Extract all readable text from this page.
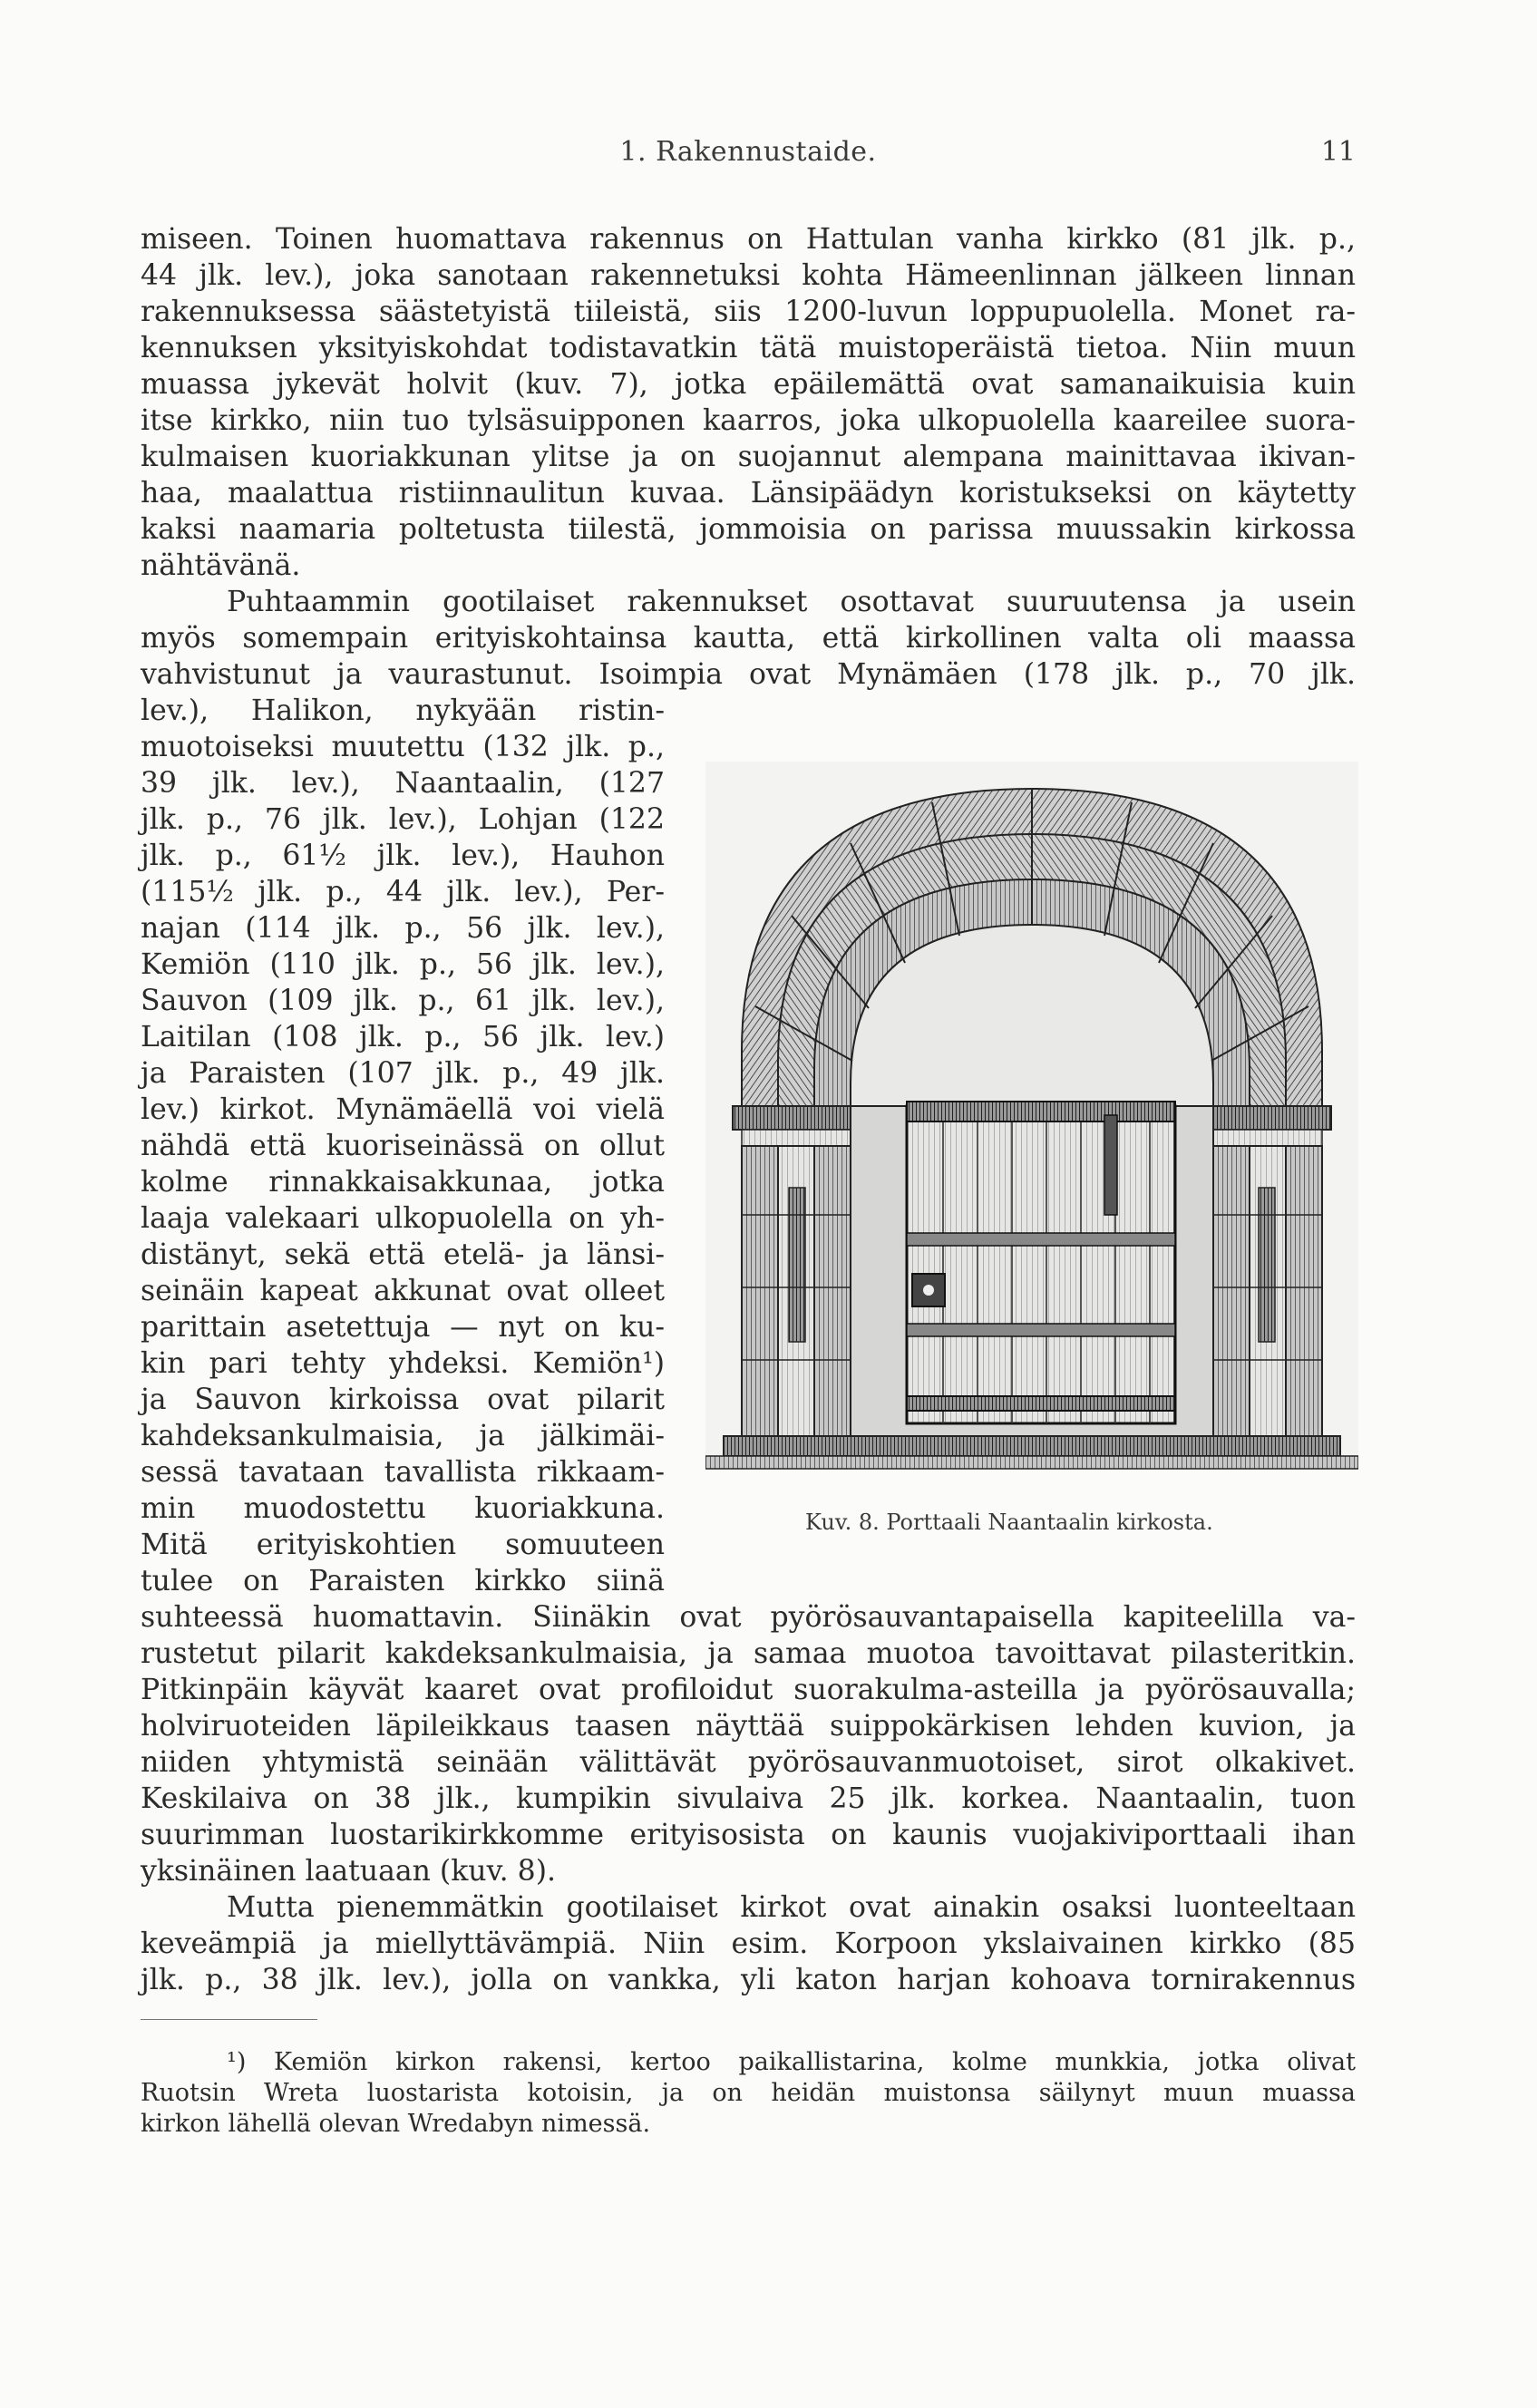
1. Rakennustaide.	11
miseen. Toinen huomattava rakennus on Hattulan vanha kirkko (81 jlk. p.,
44 jlk. lev.), joka sanotaan rakennetuksi kohta Hämeenlinnan jälkeen linnan
rakennuksessa säästetyistä tiileistä, siis 1200-luvun loppupuolella. Monet ra-
kennuksen yksityiskohdat todistavatkin tätä muistoperäistä tietoa. Niin muun
muassa jykevät holvit (kuv. 7), jotka epäilemättä ovat samanaikuisia kuin
itse kirkko, niin tuo tylsäsuipponen kaarros, joka ulkopuolella kaareilee suora-
kulmaisen kuoriakkunan ylitse ja on suojannut alempana mainittavaa ikivan-
haa, maalattua ristiinnaulitun kuvaa. Länsipäädyn koristukseksi on käytetty
kaksi naamaria poltetusta tiilestä, jommoisia on parissa muussakin kirkossa
nähtävänä.
Puhtaammin gootilaiset rakennukset osottavat suuruutensa ja usein
myös somempain erityiskohtainsa kautta, että kirkollinen valta oli maassa
vahvistunut ja vaurastunut. Isoimpia ovat Mynämäen (178 jlk. p., 70 jlk.
lev.), Halikon, nykyään ristin-
muotoiseksi muutettu (132 jlk. p.,
39 jlk. lev.), Naantaalin, (127
jlk. p., 76 jlk. lev.), Lohjan (122
jlk. p., 61½ jlk. lev.), Hauhon
(115½ jlk. p., 44 jlk. lev.), Per-
najan (114 jlk. p., 56 jlk. lev.),
Kemiön (110 jlk. p., 56 jlk. lev.),
Sauvon (109 jlk. p., 61 jlk. lev.),
Laitilan (108 jlk. p., 56 jlk. lev.)
ja Paraisten (107 jlk. p., 49 jlk.
lev.) kirkot. Mynämäellä voi vielä
nähdä että kuoriseinässä on ollut
kolme rinnakkaisakkunaa, jotka
laaja valekaari ulkopuolella on yh-
distänyt, sekä että etelä- ja länsi-
seinäin kapeat akkunat ovat olleet
parittain asetettuja — nyt on ku-
kin pari tehty yhdeksi. Kemiön¹)
ja Sauvon kirkoissa ovat pilarit
kahdeksankulmaisia, ja jälkimäi-
sessä tavataan tavallista rikkaam-
min muodostettu kuoriakkuna.
Mitä erityiskohtien somuuteen
tulee on Paraisten kirkko siinä
Kuv. 8. Porttaali Naantaalin kirkosta.
suhteessä huomattavin. Siinäkin ovat pyörösauvantapaisella kapiteelilla va-
rustetut pilarit kakdeksankulmaisia, ja samaa muotoa tavoittavat pilasteritkin.
Pitkinpäin käyvät kaaret ovat profiloidut suorakulma-asteilla ja pyörösauvalla;
holviruoteiden läpileikkaus taasen näyttää suippokärkisen lehden kuvion, ja
niiden yhtymistä seinään välittävät pyörösauvanmuotoiset, sirot olkakivet.
Keskilaiva on 38 jlk., kumpikin sivulaiva 25 jlk. korkea. Naantaalin, tuon
suurimman luostarikirkkomme erityisosista on kaunis vuojakiviporttaali ihan
yksinäinen laatuaan (kuv. 8).
Mutta pienemmätkin gootilaiset kirkot ovat ainakin osaksi luonteeltaan
keveämpiä ja miellyttävämpiä. Niin esim. Korpoon ykslaivainen kirkko (85
jlk. p., 38 jlk. lev.), jolla on vankka, yli katon harjan kohoava tornirakennus
¹) Kemiön kirkon rakensi, kertoo paikallistarina, kolme munkkia, jotka olivat
Ruotsin Wreta luostarista kotoisin, ja on heidän muistonsa säilynyt muun muassa
kirkon lähellä olevan Wredabyn nimessä.
